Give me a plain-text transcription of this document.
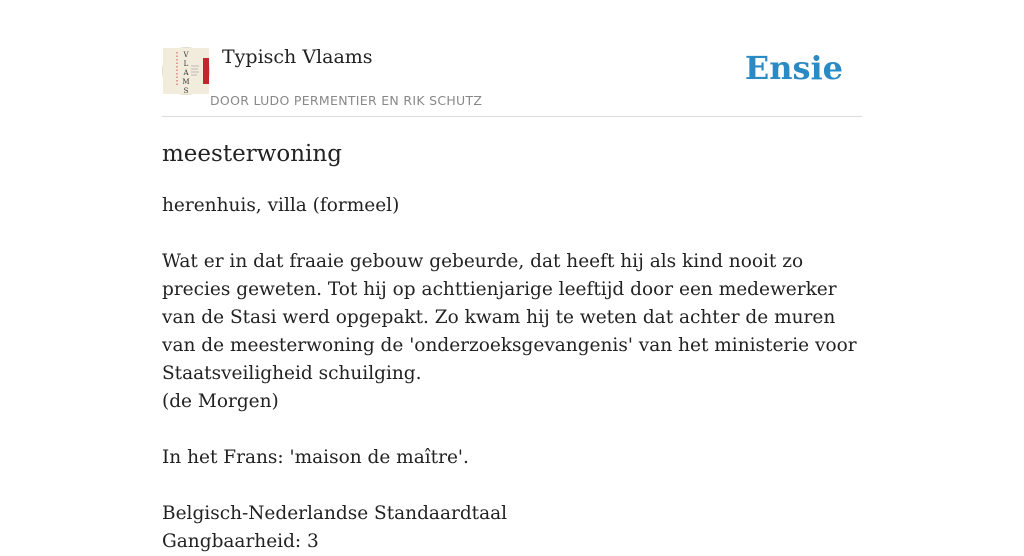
V
L
A
M
S
Typisch Vlaams
DOOR LUDO PERMENTIER EN RIK SCHUTZ
Ensie
meesterwoning
herenhuis, villa (formeel)

Wat er in dat fraaie gebouw gebeurde, dat heeft hij als kind nooit zo precies geweten. Tot hij op achttienjarige leeftijd door een medewerker van de Stasi werd opgepakt. Zo kwam hij te weten dat achter de muren van de meesterwoning de 'onderzoeksgevangenis' van het ministerie voor Staatsveiligheid schuilging.
(de Morgen)

In het Frans: 'maison de maître'.

Belgisch-Nederlandse Standaardtaal
Gangbaarheid: 3
